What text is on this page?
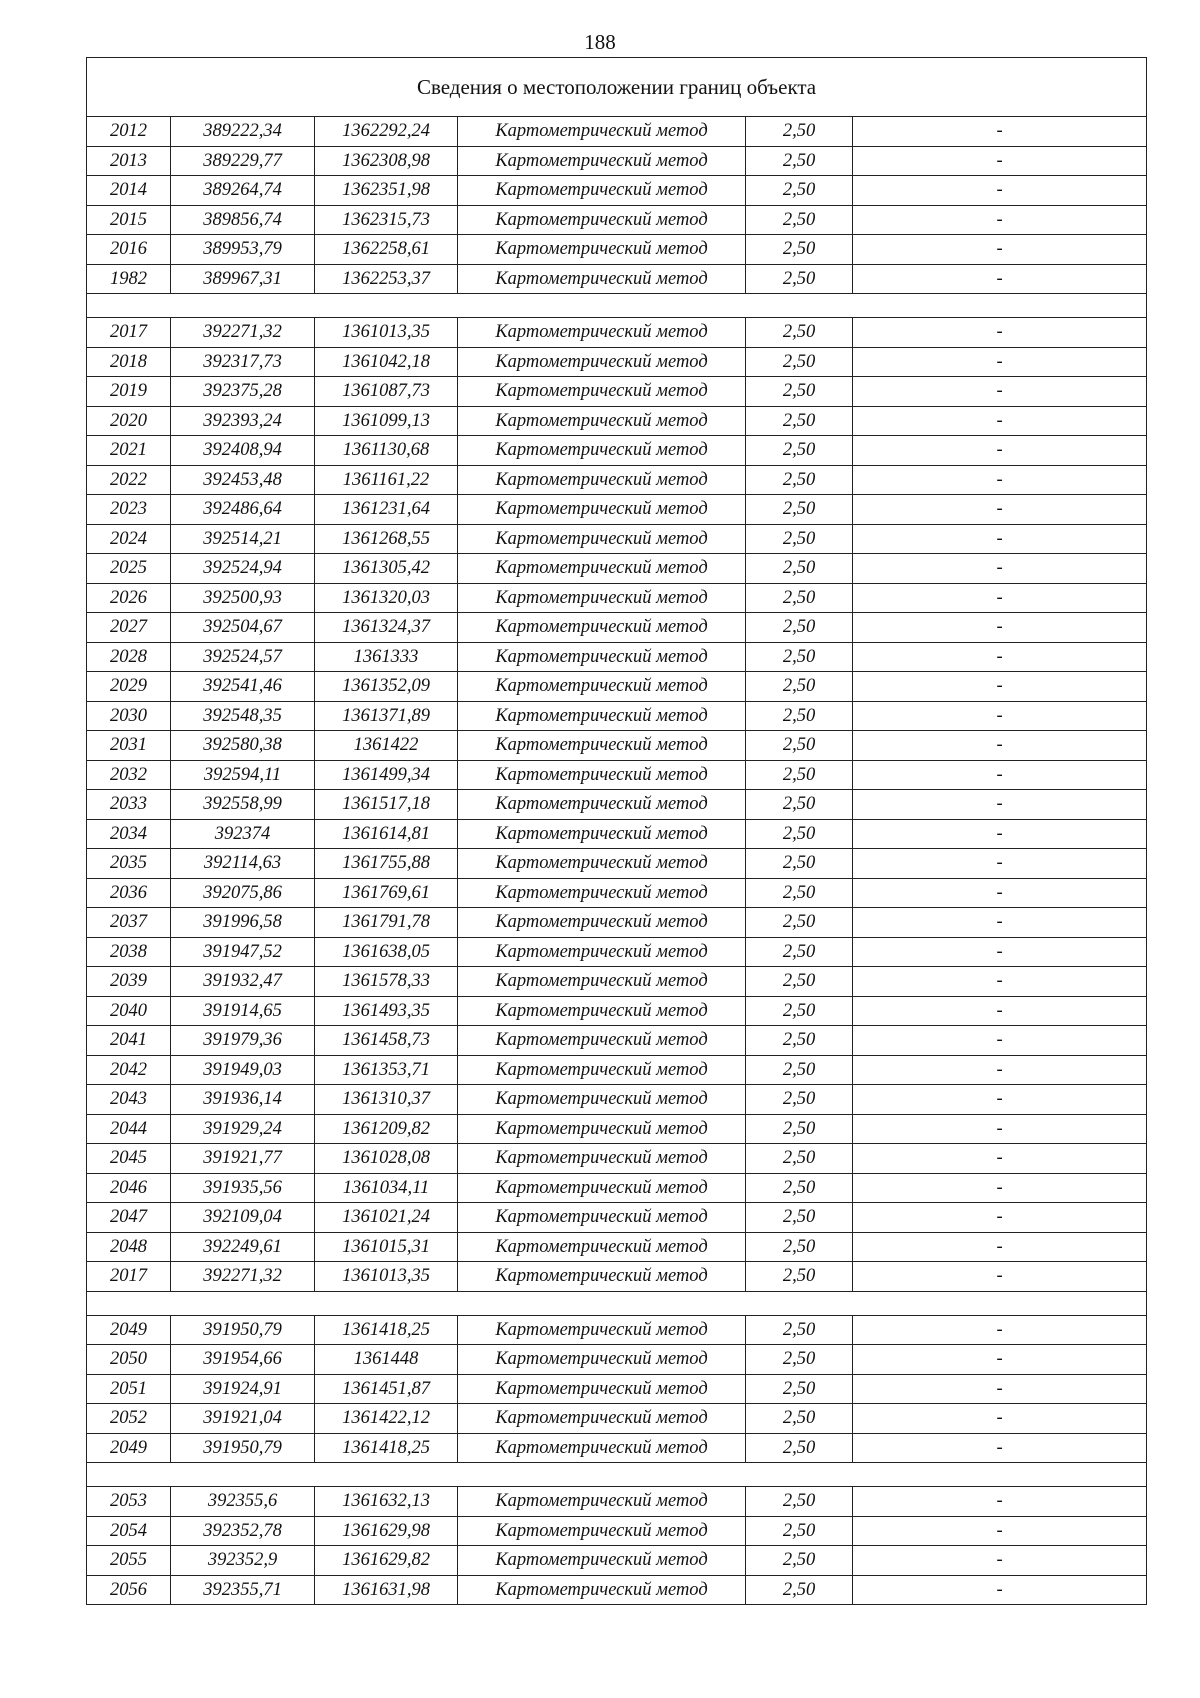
188
Сведения о местоположении границ объекта					
2012	389222,34	1362292,24	Картометрический метод	2,50	-
2013	389229,77	1362308,98	Картометрический метод	2,50	-
2014	389264,74	1362351,98	Картометрический метод	2,50	-
2015	389856,74	1362315,73	Картометрический метод	2,50	-
2016	389953,79	1362258,61	Картометрический метод	2,50	-
1982	389967,31	1362253,37	Картометрический метод	2,50	-

2017	392271,32	1361013,35	Картометрический метод	2,50	-
2018	392317,73	1361042,18	Картометрический метод	2,50	-
2019	392375,28	1361087,73	Картометрический метод	2,50	-
2020	392393,24	1361099,13	Картометрический метод	2,50	-
2021	392408,94	1361130,68	Картометрический метод	2,50	-
2022	392453,48	1361161,22	Картометрический метод	2,50	-
2023	392486,64	1361231,64	Картометрический метод	2,50	-
2024	392514,21	1361268,55	Картометрический метод	2,50	-
2025	392524,94	1361305,42	Картометрический метод	2,50	-
2026	392500,93	1361320,03	Картометрический метод	2,50	-
2027	392504,67	1361324,37	Картометрический метод	2,50	-
2028	392524,57	1361333	Картометрический метод	2,50	-
2029	392541,46	1361352,09	Картометрический метод	2,50	-
2030	392548,35	1361371,89	Картометрический метод	2,50	-
2031	392580,38	1361422	Картометрический метод	2,50	-
2032	392594,11	1361499,34	Картометрический метод	2,50	-
2033	392558,99	1361517,18	Картометрический метод	2,50	-
2034	392374	1361614,81	Картометрический метод	2,50	-
2035	392114,63	1361755,88	Картометрический метод	2,50	-
2036	392075,86	1361769,61	Картометрический метод	2,50	-
2037	391996,58	1361791,78	Картометрический метод	2,50	-
2038	391947,52	1361638,05	Картометрический метод	2,50	-
2039	391932,47	1361578,33	Картометрический метод	2,50	-
2040	391914,65	1361493,35	Картометрический метод	2,50	-
2041	391979,36	1361458,73	Картометрический метод	2,50	-
2042	391949,03	1361353,71	Картометрический метод	2,50	-
2043	391936,14	1361310,37	Картометрический метод	2,50	-
2044	391929,24	1361209,82	Картометрический метод	2,50	-
2045	391921,77	1361028,08	Картометрический метод	2,50	-
2046	391935,56	1361034,11	Картометрический метод	2,50	-
2047	392109,04	1361021,24	Картометрический метод	2,50	-
2048	392249,61	1361015,31	Картометрический метод	2,50	-
2017	392271,32	1361013,35	Картометрический метод	2,50	-

2049	391950,79	1361418,25	Картометрический метод	2,50	-
2050	391954,66	1361448	Картометрический метод	2,50	-
2051	391924,91	1361451,87	Картометрический метод	2,50	-
2052	391921,04	1361422,12	Картометрический метод	2,50	-
2049	391950,79	1361418,25	Картометрический метод	2,50	-

2053	392355,6	1361632,13	Картометрический метод	2,50	-
2054	392352,78	1361629,98	Картометрический метод	2,50	-
2055	392352,9	1361629,82	Картометрический метод	2,50	-
2056	392355,71	1361631,98	Картометрический метод	2,50	-
